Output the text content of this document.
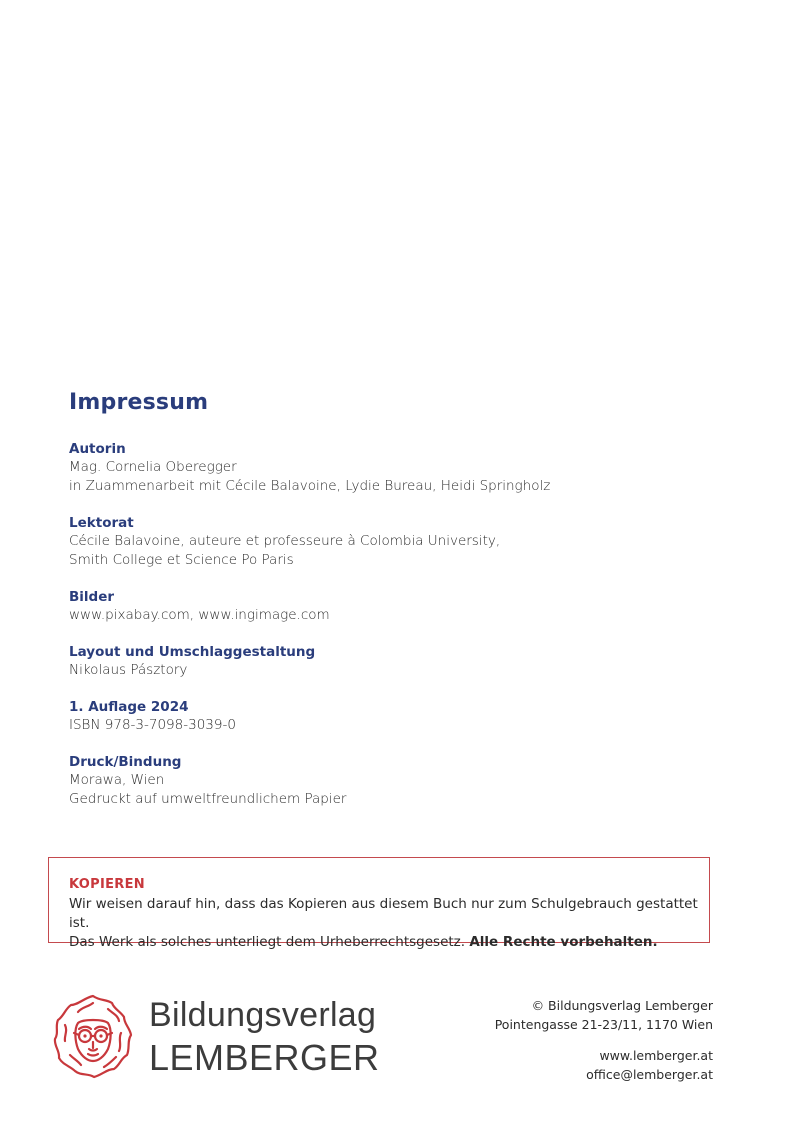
Impressum
Autorin
Mag. Cornelia Oberegger
in Zuammenarbeit mit Cécile Balavoine, Lydie Bureau, Heidi Springholz
Lektorat
Cécile Balavoine, auteure et professeure à Colombia University,
Smith College et Science Po Paris
Bilder
www.pixabay.com, www.ingimage.com
Layout und Umschlaggestaltung
Nikolaus Pásztory
1. Auflage 2024
ISBN 978-3-7098-3039-0
Druck/Bindung
Morawa, Wien
Gedruckt auf umweltfreundlichem Papier
KOPIEREN
Wir weisen darauf hin, dass das Kopieren aus diesem Buch nur zum Schulgebrauch gestattet ist.
Das Werk als solches unterliegt dem Urheberrechtsgesetz. Alle Rechte vorbehalten.
Bildungsverlag
LEMBERGER
© Bildungsverlag Lemberger
Pointengasse 21-23/11, 1170 Wien
www.lemberger.at
office@lemberger.at
